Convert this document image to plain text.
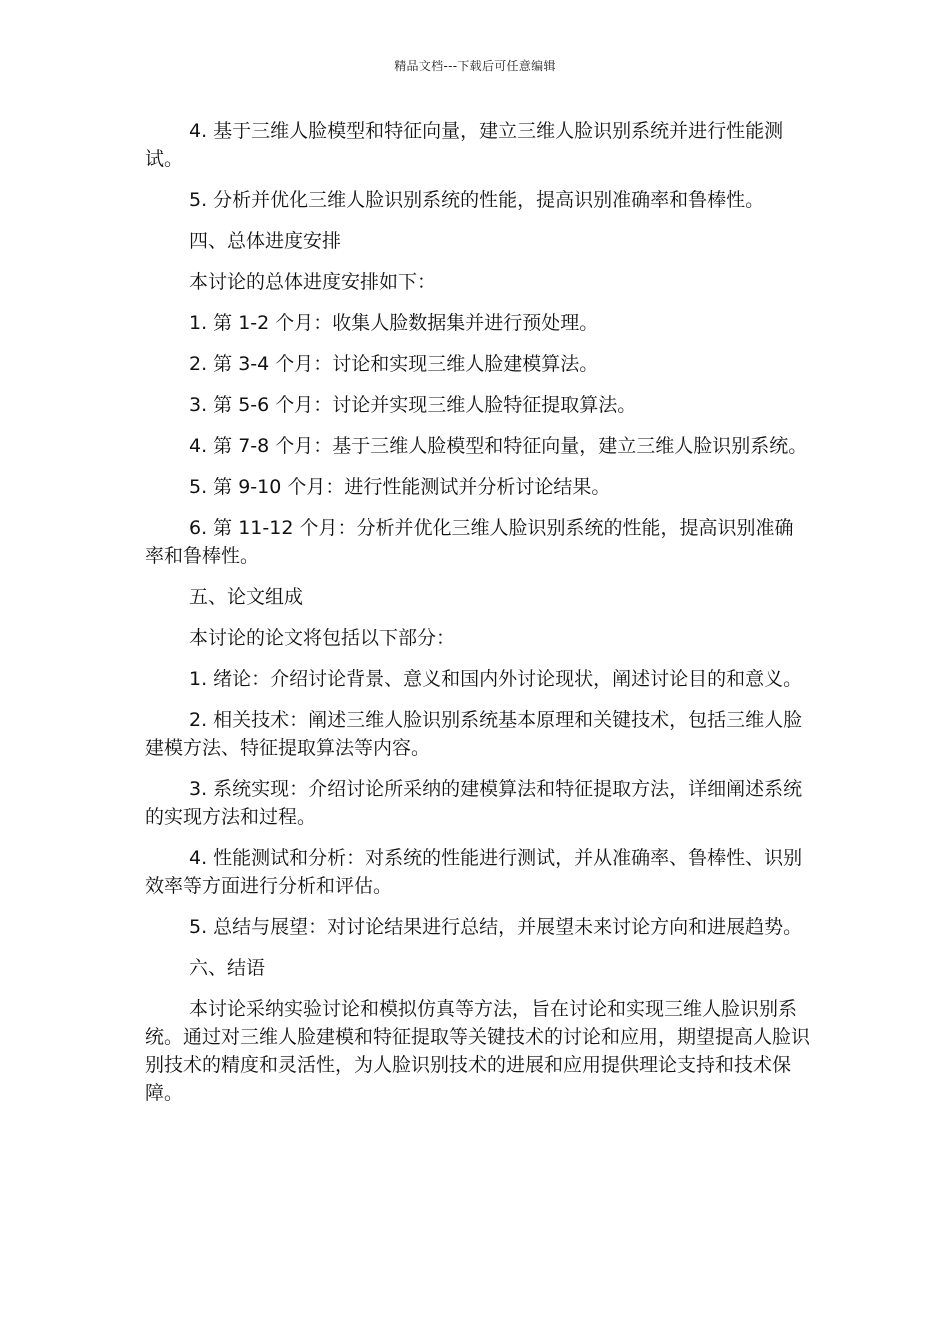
精品文档---下载后可任意编辑

4. 基于三维人脸模型和特征向量，建立三维人脸识别系统并进行性能测试。

5. 分析并优化三维人脸识别系统的性能，提高识别准确率和鲁棒性。

四、总体进度安排

本讨论的总体进度安排如下：

1. 第 1-2 个月：收集人脸数据集并进行预处理。

2. 第 3-4 个月：讨论和实现三维人脸建模算法。

3. 第 5-6 个月：讨论并实现三维人脸特征提取算法。

4. 第 7-8 个月：基于三维人脸模型和特征向量，建立三维人脸识别系统。

5. 第 9-10 个月：进行性能测试并分析讨论结果。

6. 第 11-12 个月：分析并优化三维人脸识别系统的性能，提高识别准确率和鲁棒性。

五、论文组成

本讨论的论文将包括以下部分：

1. 绪论：介绍讨论背景、意义和国内外讨论现状，阐述讨论目的和意义。

2. 相关技术：阐述三维人脸识别系统基本原理和关键技术，包括三维人脸建模方法、特征提取算法等内容。

3. 系统实现：介绍讨论所采纳的建模算法和特征提取方法，详细阐述系统的实现方法和过程。

4. 性能测试和分析：对系统的性能进行测试，并从准确率、鲁棒性、识别效率等方面进行分析和评估。

5. 总结与展望：对讨论结果进行总结，并展望未来讨论方向和进展趋势。

六、结语

本讨论采纳实验讨论和模拟仿真等方法，旨在讨论和实现三维人脸识别系统。通过对三维人脸建模和特征提取等关键技术的讨论和应用，期望提高人脸识别技术的精度和灵活性，为人脸识别技术的进展和应用提供理论支持和技术保障。
